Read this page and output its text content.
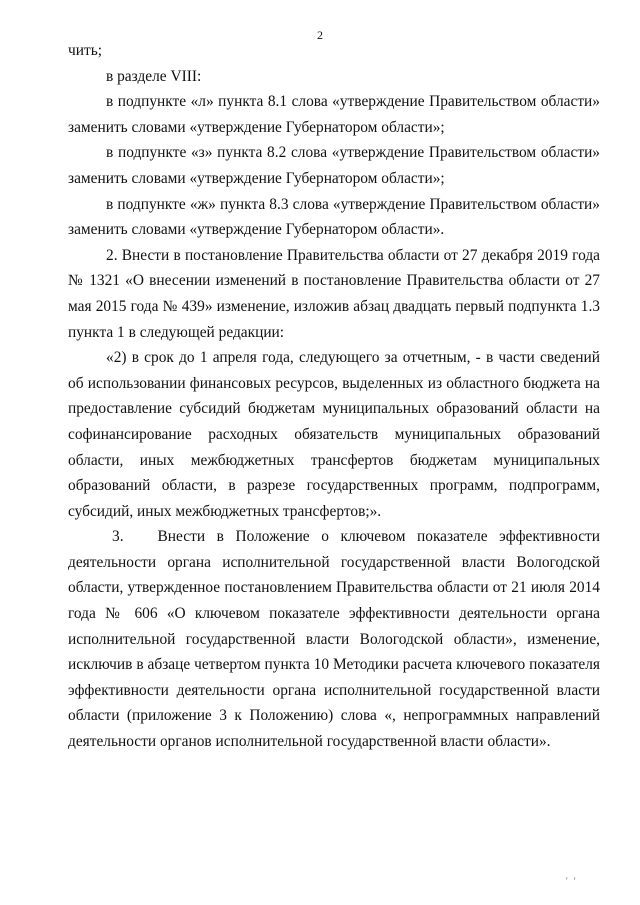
2

чить;

в разделе VIII:

в подпункте «л» пункта 8.1 слова «утверждение Правительством области» заменить словами «утверждение Губернатором области»;

в подпункте «з» пункта 8.2 слова «утверждение Правительством области» заменить словами «утверждение Губернатором области»;

в подпункте «ж» пункта 8.3 слова «утверждение Правительством области» заменить словами «утверждение Губернатором области».

2. Внести в постановление Правительства области от 27 декабря 2019 года № 1321 «О внесении изменений в постановление Правительства области от 27 мая 2015 года № 439» изменение, изложив абзац двадцать первый подпункта 1.3 пункта 1 в следующей редакции:

«2) в срок до 1 апреля года, следующего за отчетным, - в части сведений об использовании финансовых ресурсов, выделенных из областного бюджета на предоставление субсидий бюджетам муниципальных образований области на софинансирование расходных обязательств муниципальных образований области, иных межбюджетных трансфертов бюджетам муниципальных образований области, в разрезе государственных программ, подпрограмм, субсидий, иных межбюджетных трансфертов;».

3. Внести в Положение о ключевом показателе эффективности деятельности органа исполнительной государственной власти Вологодской области, утвержденное постановлением Правительства области от 21 июля 2014 года № 606 «О ключевом показателе эффективности деятельности органа исполнительной государственной власти Вологодской области», изменение, исключив в абзаце четвертом пункта 10 Методики расчета ключевого показателя эффективности деятельности органа исполнительной государственной власти области (приложение 3 к Положению) слова «, непрограммных направлений деятельности органов исполнительной государственной власти области».

' '
